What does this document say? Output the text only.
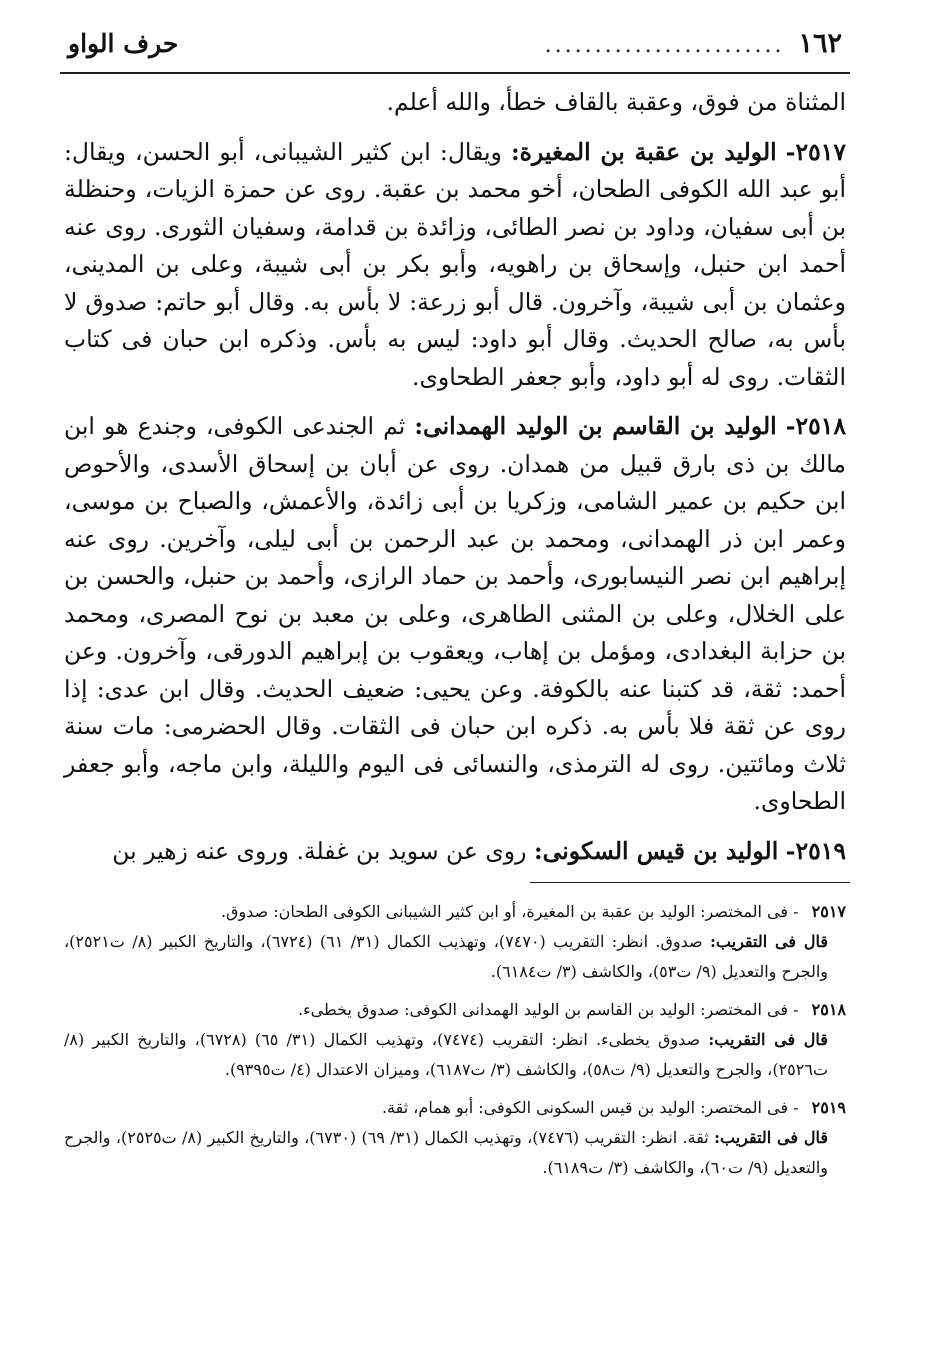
١٦٢
........................
حرف الواو

المثناة من فوق، وعقبة بالقاف خطأ، والله أعلم.

٢٥١٧- الوليد بن عقبة بن المغيرة: ويقال: ابن كثير الشيبانى، أبو الحسن، ويقال: أبو عبد الله الكوفى الطحان، أخو محمد بن عقبة. روى عن حمزة الزيات، وحنظلة بن أبى سفيان، وداود بن نصر الطائى، وزائدة بن قدامة، وسفيان الثورى. روى عنه أحمد ابن حنبل، وإسحاق بن راهويه، وأبو بكر بن أبى شيبة، وعلى بن المدينى، وعثمان بن أبى شيبة، وآخرون. قال أبو زرعة: لا بأس به. وقال أبو حاتم: صدوق لا بأس به، صالح الحديث. وقال أبو داود: ليس به بأس. وذكره ابن حبان فى كتاب الثقات. روى له أبو داود، وأبو جعفر الطحاوى.

٢٥١٨- الوليد بن القاسم بن الوليد الهمدانى: ثم الجندعى الكوفى، وجندع هو ابن مالك بن ذى بارق قبيل من همدان. روى عن أبان بن إسحاق الأسدى، والأحوص ابن حكيم بن عمير الشامى، وزكريا بن أبى زائدة، والأعمش، والصباح بن موسى، وعمر ابن ذر الهمدانى، ومحمد بن عبد الرحمن بن أبى ليلى، وآخرين. روى عنه إبراهيم ابن نصر النيسابورى، وأحمد بن حماد الرازى، وأحمد بن حنبل، والحسن بن على الخلال، وعلى بن المثنى الطاهرى، وعلى بن معبد بن نوح المصرى، ومحمد بن حزابة البغدادى، ومؤمل بن إهاب، ويعقوب بن إبراهيم الدورقى، وآخرون. وعن أحمد: ثقة، قد كتبنا عنه بالكوفة. وعن يحيى: ضعيف الحديث. وقال ابن عدى: إذا روى عن ثقة فلا بأس به. ذكره ابن حبان فى الثقات. وقال الحضرمى: مات سنة ثلاث ومائتين. روى له الترمذى، والنسائى فى اليوم والليلة، وابن ماجه، وأبو جعفر الطحاوى.

٢٥١٩- الوليد بن قيس السكونى: روى عن سويد بن غفلة. وروى عنه زهير بن

٢٥١٧ - فى المختصر: الوليد بن عقبة بن المغيرة، أو ابن كثير الشيبانى الكوفى الطحان: صدوق.
قال فى التقريب: صدوق. انظر: التقريب (٧٤٧٠)، وتهذيب الكمال (٣١/ ٦١) (٦٧٢٤)، والتاريخ الكبير (٨/ ت٢٥٢١)، والجرح والتعديل (٩/ ت٥٣)، والكاشف (٣/ ت٦١٨٤).
٢٥١٨ - فى المختصر: الوليد بن القاسم بن الوليد الهمدانى الكوفى: صدوق يخطىء.
قال فى التقريب: صدوق يخطىء. انظر: التقريب (٧٤٧٤)، وتهذيب الكمال (٣١/ ٦٥) (٦٧٢٨)، والتاريخ الكبير (٨/ ت٢٥٢٦)، والجرح والتعديل (٩/ ت٥٨)، والكاشف (٣/ ت٦١٨٧)، وميزان الاعتدال (٤/ ت٩٣٩٥).
٢٥١٩ - فى المختصر: الوليد بن قيس السكونى الكوفى: أبو همام، ثقة.
قال فى التقريب: ثقة. انظر: التقريب (٧٤٧٦)، وتهذيب الكمال (٣١/ ٦٩) (٦٧٣٠)، والتاريخ الكبير (٨/ ت٢٥٢٥)، والجرح والتعديل (٩/ ت٦٠)، والكاشف (٣/ ت٦١٨٩).
